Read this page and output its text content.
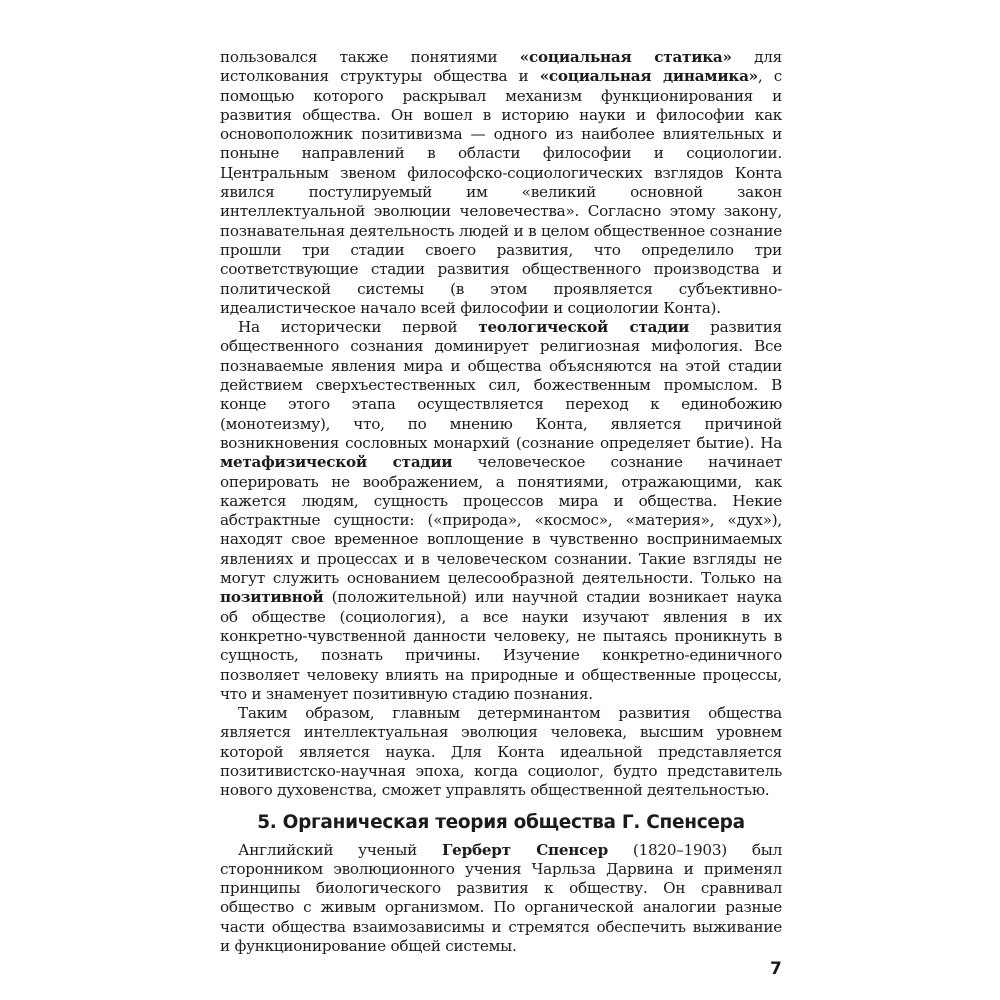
пользовался также понятиями «социальная статика» для истолкования структуры общества и «социальная динамика», с помощью которого раскрывал механизм функционирования и развития общества. Он вошел в историю науки и философии как основоположник позитивизма — одного из наиболее влиятельных и поныне направлений в области философии и социологии. Центральным звеном философско-социологических взглядов Конта явился постулируемый им «великий основной закон интеллектуальной эволюции человечества». Согласно этому закону, познавательная деятельность людей и в целом общественное сознание прошли три стадии своего развития, что определило три соответствующие стадии развития общественного производства и политической системы (в этом проявляется субъективно-идеалистическое начало всей философии и социологии Конта).

На исторически первой теологической стадии развития общественного сознания доминирует религиозная мифология. Все познаваемые явления мира и общества объясняются на этой стадии действием сверхъестественных сил, божественным промыслом. В конце этого этапа осуществляется переход к единобожию (монотеизму), что, по мнению Конта, является причиной возникновения сословных монархий (сознание определяет бытие). На метафизической стадии человеческое сознание начинает оперировать не воображением, а понятиями, отражающими, как кажется людям, сущность процессов мира и общества. Некие абстрактные сущности: («природа», «космос», «материя», «дух»), находят свое временное воплощение в чувственно воспринимаемых явлениях и процессах и в человеческом сознании. Такие взгляды не могут служить основанием целесообразной деятельности. Только на позитивной (положительной) или научной стадии возникает наука об обществе (социология), а все науки изучают явления в их конкретно-чувственной данности человеку, не пытаясь проникнуть в сущность, познать причины. Изучение конкретно-единичного позволяет человеку влиять на природные и общественные процессы, что и знаменует позитивную стадию познания.

Таким образом, главным детерминантом развития общества является интеллектуальная эволюция человека, высшим уровнем которой является наука. Для Конта идеальной представляется позитивистско-научная эпоха, когда социолог, будто представитель нового духовенства, сможет управлять общественной деятельностью.

5. Органическая теория общества Г. Спенсера

Английский ученый Герберт Спенсер (1820–1903) был сторонником эволюционного учения Чарльза Дарвина и применял принципы биологического развития к обществу. Он сравнивал общество с живым организмом. По органической аналогии разные части общества взаимозависимы и стремятся обеспечить выживание и функционирование общей системы.

7
